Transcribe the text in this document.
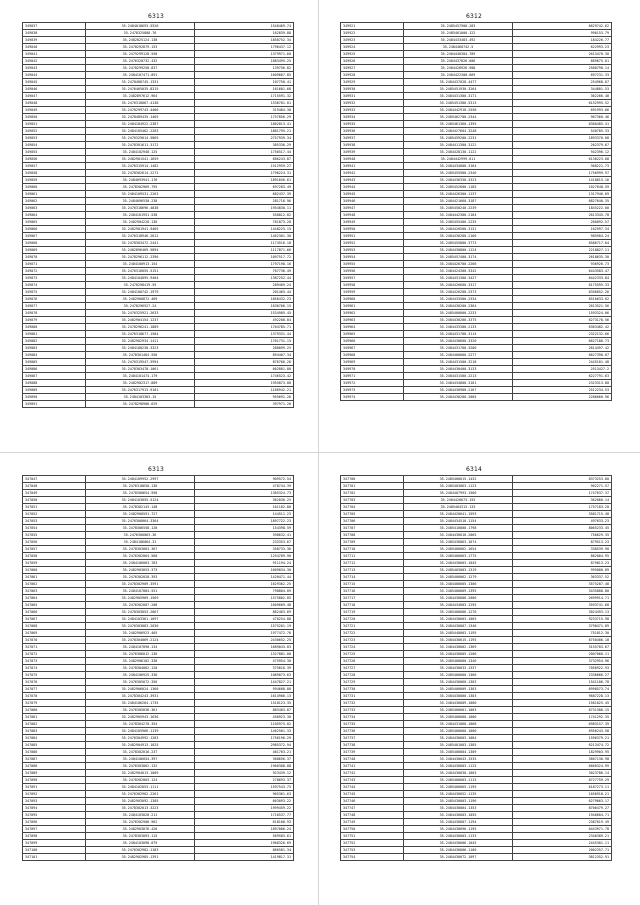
6313
349037	35.2484018693.5526	1540469.74
349038	35.2478325808.76	162839.88
349039	35.2482825124.138	1858752.34
349040	35.2478292879.153	1796437.12
349041	35.2479299128.558	1379971.60
349042	35.2476320732.432	1883495.25
349043	35.2478299258.837	139756.82
349044	35.2484107471.891	1609667.85
349045	35.2478480745.1331	107750.41
349046	35.2476465035.8315	161601.68
349047	35.2482897612.964	1715591.32
349048	35.2476318067.4138	1536781.01
349049	35.2478299743.4466	319484.30
349050	35.2478489435.1465	1757856.29
349051	35.2484184922.2387	1802013.41
349052	35.2484105462.2283	1861795.21
349053	35.2476329014.5865	2757939.34
349054	35.2478301611.3172	385336.29
349055	35.2484102948.125	1756517.44
349056	35.2482901541.1659	686243.87
349057	35.2476315914.1402	1512959.27
349058	35.2478302614.2272	1796224.31
349059	35.2484093941.176	1891656.61
349060	35.2478302969.795	697283.49
349061	35.2484109531.2263	682437.39
349062	35.2484096530.238	281716.96
349063	35.2476318696.4838	1954830.11
349064	35.2484101951.538	558812.82
349065	35.2482904226.136	761873.28
349066	35.2482901941.9465	1448225.15
349067	35.2476318946.2812	1462301.30
349068	35.2478303472.2441	1174516.18
349069	35.2482896469.5894	1117871.66
349070	35.2478296112.2396	1097517.72
349071	35.2484100913.154	1797198.16
349072	35.2476316055.5151	767736.49
349073	35.2484104095.9404	1387252.44
349074	35.2478298419.59	289469.24
349075	35.2484100742.1979	201465.44
349076	35.2482900872.469	1856432.23
349077	35.2478296527.24	1636766.15
349078	35.2476325921.2633	1534905.45
349079	35.2482904154.1237	492208.84
349080	35.2478296241.1889	1764785.71
349081	35.2476318677.1584	1379331.44
349082	35.2482902934.1411	1761731.15
349083	35.2484100230.3323	280099.25
349084	35.2478301484.556	894407.34
349085	35.2476319547.5994	876766.26
349086	35.2478303478.1061	662801.80
349087	35.2484101474.179	1746523.42
349088	35.2482902317.809	1955873.08
349089	35.2476317913.9101	1166942.21
349090	35.2484103383.15	955691.26
349091	35.2478298906.629	397971.28
6312
349921	35.2485457900.283	6629742.62
349922	35.2485461000.122	996153.79
349923	35.2484433483.492	184226.77
349924	35.2484460742.5	622993.23
349925	35.2484440304.789	2613470.30
349926	35.2484437826.606	669675.01
349927	35.2484428926.908	2580798.14
349928	35.2484422300.669	697231.33
349929	35.2484437028.4477	254968.07
349930	35.2485451930.3264	344801.53
349931	35.2484431300.3171	362266.48
349932	35.2485451300.5313	6152995.52
349933	35.2484442910.2558	691993.66
349934	35.2485462700.2344	967360.46
349935	35.2485461360.1395	6360485.41
349936	35.2484427604.3248	540785.33
349937	35.2485459200.2231	1893370.08
349938	35.2484411300.3122	262379.67
349939	35.2484428130.1122	942396.12
349940	35.2484442999.611	6130223.08
349941	35.2484434000.3164	368221.73
349942	35.2485455900.2346	1756999.97
349943	35.2484436330.3323	1418815.16
349944	35.2485452600.1185	1027648.59
349945	35.2484426300.1137	1317946.69
349946	35.2484421660.3187	6827640.35
349947	35.2485450240.2239	1845222.00
349948	35.2484442300.2184	2613345.78
349949	35.2485455400.2235	260092.57
349950	35.2484420500.3131	162997.34
349951	35.2484430200.2166	985904.24
349952	35.2485455800.3773	6586717.04
349953	35.2484430800.1124	2218827.11
349954	35.2485457400.3174	2618635.30
349955	35.2484426700.2266	936926.73
349956	35.2484424300.3342	6443583.47
349957	35.2484431300.3427	6442333.84
349958	35.2484426600.3317	6175595.33
349959	35.2484426200.2373	6356052.26
349960	35.2484433500.2334	6516633.02
349961	35.2484430200.2364	2613521.56
349962	35.2485400000.2233	1593324.06
349963	35.2484430200.3375	6273170.56
349964	35.2484433300.2133	6363482.42
349965	35.2484431700.3114	2322132.66
349966	35.2484430600.3320	6627186.73
349967	35.2484431700.3200	2614497.42
349968	35.2484400000.2277	6627390.07
349969	35.2484431500.3218	2445101.48
349970	35.2484430400.3133	2513427.2
349971	35.2484431500.2213	6227791.63
349972	35.2484434000.3101	2323313.80
349973	35.2484430900.2167	2512234.53
349974	35.2484430200.2005	2286660.96
6313
347047	35.2484109952.2997	909572.54
347048	35.2476318650.136	478744.39
347049	35.2478300654.958	1365324.73
347050	35.2484103055.5124	362036.25
347051	35.2478302143.148	161182.80
347052	35.2482900591.727	144511.23
347053	35.2476300064.3364	1897722.23
347054	35.2478306558.128	154398.59
347055	35.2476300063.36	398632.41
347056	35.2484106064.31	233353.67
347057	35.2478303063.367	358733.36
347058	35.2476302064.568	1254789.90
347059	35.2484106063.763	911194.24
347060	35.2482903053.373	1609834.30
347061	35.2476302028.393	1420471.44
347062	35.2478302909.3591	1629362.25
347063	35.2484107084.551	798804.09
347064	35.2482905969.1569	1575802.05
347065	35.2476302007.208	1609669.48
347066	35.2478303053.2667	862463.69
347067	35.2484103361.1697	470254.88
347068	35.2476303083.2030	1575201.19
347069	35.2482906923.465	1977472.76
347070	35.2478304069.2124	2430652.25
347071	35.2484107090.134	1689043.83
347072	35.2476306012.136	1327881.00
347073	35.2482906102.338	475954.30
347074	35.2478304062.120	375616.39
347075	35.2484106925.336	1089073.63
347076	35.2476305072.356	1447827.21
347077	35.2482906024.1360	994608.80
347078	35.2478304243.3931	1614906.13
347079	35.2484106264.1735	1510123.35
347080	35.2476305036.361	883403.87
347081	35.2482905943.1636	450923.30
347082	35.2478304270.354	1105975.02
347083	35.2484105966.1139	1462561.33
347084	35.2476304992.1283	1756196.29
347085	35.2482904913.1025	2985372.94
347086	35.2478302016.237	461703.21
347087	35.2484106054.397	368656.37
347088	35.2476303062.132	1960308.88
347089	35.2482904013.1009	923439.12
347090	35.2478302063.124	278693.37
347091	35.2484102053.1111	1597543.75
347092	35.2476302962.2261	965361.63
347093	35.2482903092.1305	663093.22
347094	35.2478302013.3223	1999459.22
347095	35.2484103028.211	1716537.77
347096	35.2476302908.962	618100.93
347097	35.2482903076.426	1897066.24
347098	35.2478303093.115	569583.61
347099	35.2484103098.079	1968326.69
347100	35.2476302982.1183	866581.34
347101	35.2482902985.1391	1419817.31
6314
347700	35.2485400015.1432	8373253.80
347701	35.2485403063.1123	962271.57
347702	35.2484407993.1566	1747637.37
347703	35.2484420073.155	362660.14
347704	35.2485404313.133	1757183.20
347705	35.2484420041.1593	3581715.48
347706	35.2484434510.1154	497633.23
347707	35.2485410000.1798	8065233.45
347708	35.2484430010.2065	756629.35
347709	35.2485430063.1674	879513.23
347710	35.2485400062.1654	338539.90
347711	35.2485400063.1775	862004.95
347712	35.2484430003.1045	879813.23
347713	35.2485403003.1319	995800.89
347714	35.2485400062.1279	363337.52
347715	35.2484400005.1306	3575207.48
347716	35.2485400009.1395	3435808.80
347717	35.2484430006.2006	2699914.71
347718	35.2484434003.1295	3593741.68
347719	35.2485400006.1276	3024493.13
347720	35.2484430003.1065	9233715.98
347721	35.2484430007.1346	3798471.89
347722	35.2485440003.1195	751812.30
347723	35.2484430015.1195	8750406.18
347724	35.2484430002.1369	3155703.67
347725	35.2484430005.1206	2007060.11
347726	35.2485400000.1346	3732954.96
347727	35.2484430033.1337	7056922.93
347728	35.2485400000.1366	2336666.27
347729	35.2484430060.1303	1541106.78
347730	35.2485400009.1303	6998573.74
347731	35.2484430000.1303	9687228.13
347732	35.2484430009.1000	1561025.45
347733	35.2485400001.1003	6731306.15
347734	35.2485400000.1006	1741292.35
347735	35.2484431060.1068	6983157.39
347736	35.2485400000.1000	6956243.58
347737	35.2484430003.1084	1596379.21
347738	35.2485401003.1385	6213474.72
347739	35.2485400004.1309	1829903.95
347740	35.2484430043.1535	3667130.98
347741	35.2484430003.1125	6660324.99
347742	35.2484430030.1003	3023786.14
347743	35.2485400003.1113	8727759.29
347744	35.2485400065.1195	6187273.11
347745	35.2484430052.1135	1656918.21
347746	35.2485430003.1196	6279663.17
347747	35.2484430004.1353	8706479.27
347748	35.2484430003.1055	1946604.71
347749	35.2484430007.1194	2387619.49
347750	35.2484430096.1195	6443971.78
347751	35.2484430003.1133	2346389.21
347752	35.2484430006.1045	2445301.11
347753	35.2484430006.1100	2002357.71
347754	35.2484430072.1097	3812352.91
